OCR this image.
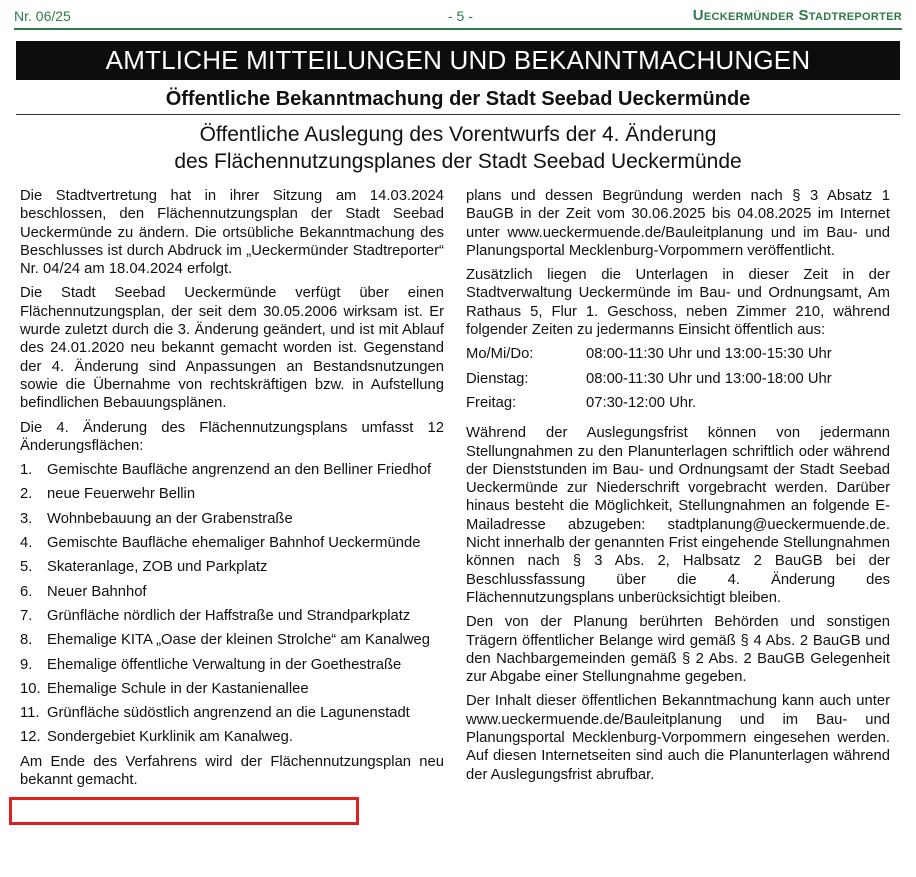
Nr. 06/25	- 5 -	Ueckermünder Stadtreporter
AMTLICHE MITTEILUNGEN UND BEKANNTMACHUNGEN
Öffentliche Bekanntmachung der Stadt Seebad Ueckermünde
Öffentliche Auslegung des Vorentwurfs der 4. Änderung
des Flächennutzungsplanes der Stadt Seebad Ueckermünde

Die Stadtvertretung hat in ihrer Sitzung am 14.03.2024 beschlossen, den Flächennutzungsplan der Stadt Seebad Ueckermünde zu ändern. Die ortsübliche Bekanntmachung des Beschlusses ist durch Abdruck im „Ueckermünder Stadtreporter“ Nr. 04/24 am 18.04.2024 erfolgt.

Die Stadt Seebad Ueckermünde verfügt über einen Flächennutzungsplan, der seit dem 30.05.2006 wirksam ist. Er wurde zuletzt durch die 3. Änderung geändert, und ist mit Ablauf des 24.01.2020 neu bekannt gemacht worden ist. Gegenstand der 4. Änderung sind Anpassungen an Bestandsnutzungen sowie die Übernahme von rechtskräftigen bzw. in Aufstellung befindlichen Bebauungsplänen.

Die 4. Änderung des Flächennutzungsplans umfasst 12 Änderungsflächen:

1. Gemischte Baufläche angrenzend an den Belliner Friedhof
2. neue Feuerwehr Bellin
3. Wohnbebauung an der Grabenstraße
4. Gemischte Baufläche ehemaliger Bahnhof Ueckermünde
5. Skateranlage, ZOB und Parkplatz
6. Neuer Bahnhof
7. Grünfläche nördlich der Haffstraße und Strandparkplatz
8. Ehemalige KITA „Oase der kleinen Strolche“ am Kanalweg
9. Ehemalige öffentliche Verwaltung in der Goethestraße
10. Ehemalige Schule in der Kastanienallee
11. Grünfläche südöstlich angrenzend an die Lagunenstadt
12. Sondergebiet Kurklinik am Kanalweg.

Am Ende des Verfahrens wird der Flächennutzungsplan neu bekannt gemacht.

plans und dessen Begründung werden nach § 3 Absatz 1 BauGB in der Zeit vom 30.06.2025 bis 04.08.2025 im Internet unter www.ueckermuende.de/Bauleitplanung und im Bau- und Planungsportal Mecklenburg-Vorpommern veröffentlicht.

Zusätzlich liegen die Unterlagen in dieser Zeit in der Stadtverwaltung Ueckermünde im Bau- und Ordnungsamt, Am Rathaus 5, Flur 1. Geschoss, neben Zimmer 210, während folgender Zeiten zu jedermanns Einsicht öffentlich aus:

Mo/Mi/Do:	08:00-11:30 Uhr und 13:00-15:30 Uhr
Dienstag:	08:00-11:30 Uhr und 13:00-18:00 Uhr
Freitag:	07:30-12:00 Uhr.

Während der Auslegungsfrist können von jedermann Stellungnahmen zu den Planunterlagen schriftlich oder während der Dienststunden im Bau- und Ordnungsamt der Stadt Seebad Ueckermünde zur Niederschrift vorgebracht werden. Darüber hinaus besteht die Möglichkeit, Stellungnahmen an folgende E-Mailadresse abzugeben: stadtplanung@ueckermuende.de. Nicht innerhalb der genannten Frist eingehende Stellungnahmen können nach § 3 Abs. 2, Halbsatz 2 BauGB bei der Beschlussfassung über die 4. Änderung des Flächennutzungsplans unberücksichtigt bleiben.

Den von der Planung berührten Behörden und sonstigen Trägern öffentlicher Belange wird gemäß § 4 Abs. 2 BauGB und den Nachbargemeinden gemäß § 2 Abs. 2 BauGB Gelegenheit zur Abgabe einer Stellungnahme gegeben.

Der Inhalt dieser öffentlichen Bekanntmachung kann auch unter www.ueckermuende.de/Bauleitplanung und im Bau- und Planungsportal Mecklenburg-Vorpommern eingesehen werden. Auf diesen Internetseiten sind auch die Planunterlagen während der Auslegungsfrist abrufbar.
